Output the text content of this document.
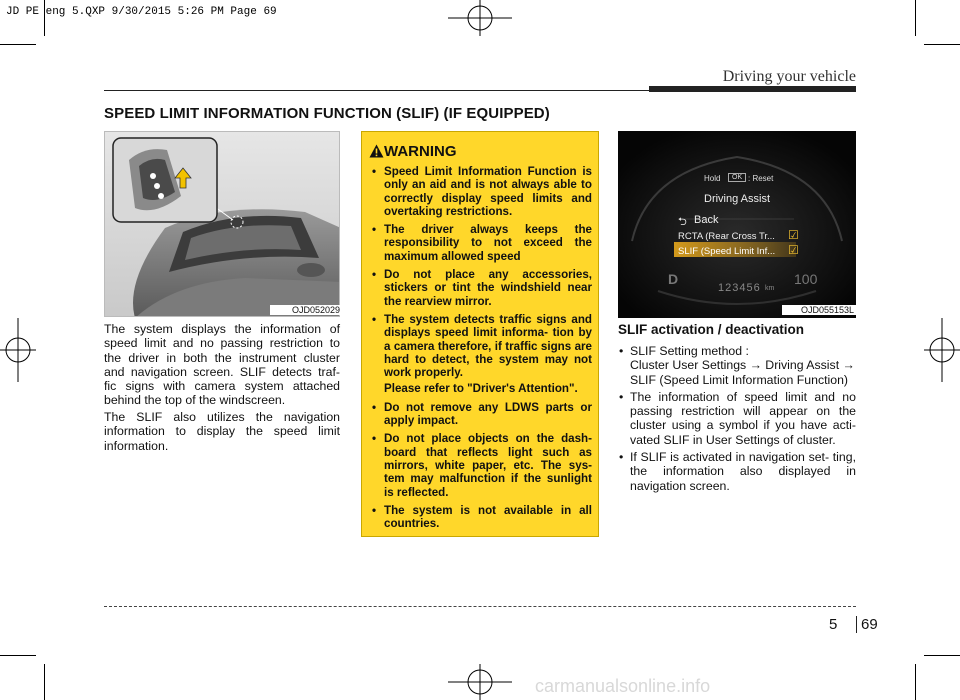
JD PE eng 5.QXP 9/30/2015 5:26 PM Page 69
Driving your vehicle
SPEED LIMIT INFORMATION FUNCTION (SLIF) (IF EQUIPPED)
OJD052029
The system displays the information of speed limit and no passing restriction to the driver in both the instrument cluster and navigation screen. SLIF detects traf- fic signs with camera system attached behind the top of the windscreen.
The SLIF also utilizes the navigation information to display the speed limit information.
WARNING
• Speed Limit Information Function is only an aid and is not always able to correctly display speed limits and overtaking restrictions.
• The driver always keeps the responsibility to not exceed the maximum allowed speed
• Do not place any accessories, stickers or tint the windshield near the rearview mirror.
• The system detects traffic signs and displays speed limit informa- tion by a camera therefore, if traffic signs are hard to detect, the system may not work properly.
Please refer to "Driver's Attention".
• Do not remove any LDWS parts or apply impact.
• Do not place objects on the dash- board that reflects light such as mirrors, white paper, etc. The sys- tem may malfunction if the sunlight is reflected.
• The system is not available in all countries.
Hold	OK : Reset
Driving Assist
⮌ Back
RCTA (Rear Cross Tr... ☑
SLIF (Speed Limit Inf... ☑
D
123456 km
100
OJD055153L
SLIF activation / deactivation
• SLIF Setting method :
Cluster User Settings → Driving Assist → SLIF (Speed Limit Information Function)
• The information of speed limit and no passing restriction will appear on the cluster using a symbol if you have acti- vated SLIF in User Settings of cluster.
• If SLIF is activated in navigation set- ting, the information also displayed in navigation screen.
5	69
carmanualsonline.info
